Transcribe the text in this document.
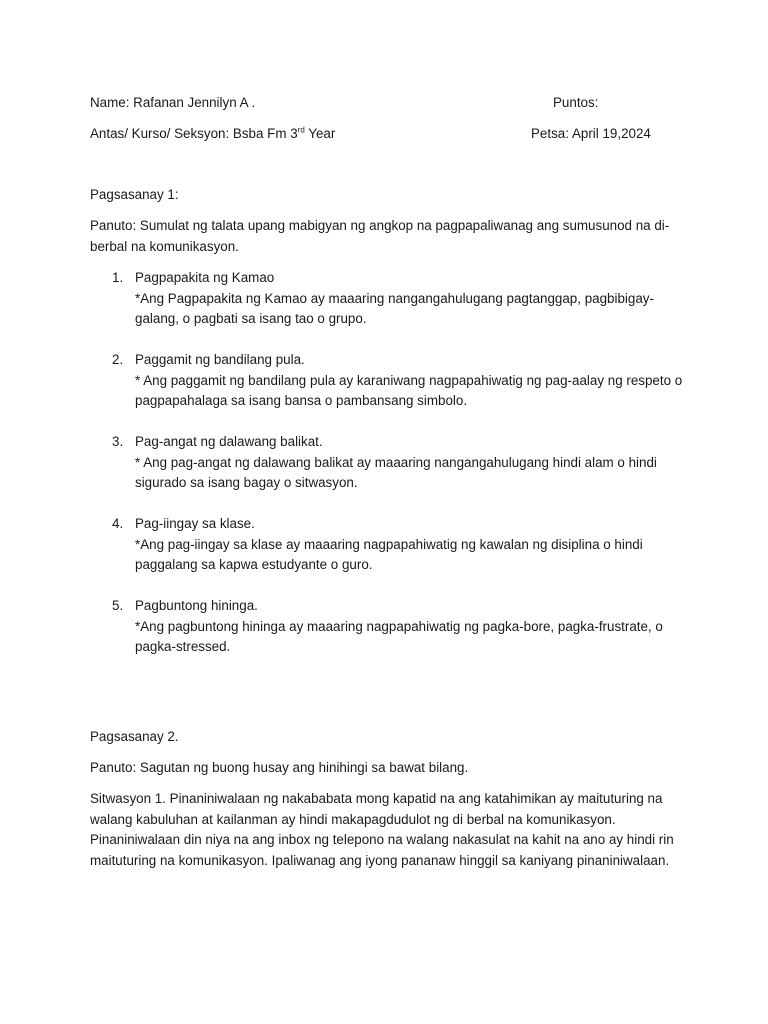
Name: Rafanan Jennilyn A .	Puntos:
Antas/ Kurso/ Seksyon: Bsba Fm 3rd Year	Petsa: April 19,2024
Pagsasanay 1:
Panuto: Sumulat ng talata upang mabigyan ng angkop na pagpapaliwanag ang sumusunod na di- berbal na komunikasyon.
1. Pagpapakita ng Kamao
*Ang Pagpapakita ng Kamao ay maaaring nangangahulugang pagtanggap, pagbibigay-galang, o pagbati sa isang tao o grupo.
2. Paggamit ng bandilang pula.
* Ang paggamit ng bandilang pula ay karaniwang nagpapahiwatig ng pag-aalay ng respeto o pagpapahalaga sa isang bansa o pambansang simbolo.
3. Pag-angat ng dalawang balikat.
* Ang pag-angat ng dalawang balikat ay maaaring nangangahulugang hindi alam o hindi sigurado sa isang bagay o sitwasyon.
4. Pag-iingay sa klase.
*Ang pag-iingay sa klase ay maaaring nagpapahiwatig ng kawalan ng disiplina o hindi paggalang sa kapwa estudyante o guro.
5. Pagbuntong hininga.
*Ang pagbuntong hininga ay maaaring nagpapahiwatig ng pagka-bore, pagka-frustrate, o pagka-stressed.
Pagsasanay 2.
Panuto: Sagutan ng buong husay ang hinihingi sa bawat bilang.
Sitwasyon 1. Pinaniniwalaan ng nakababata mong kapatid na ang katahimikan ay maituturing na walang kabuluhan at kailanman ay hindi makapagdudulot ng di berbal na komunikasyon. Pinaniniwalaan din niya na ang inbox ng telepono na walang nakasulat na kahit na ano ay hindi rin maituturing na komunikasyon. Ipaliwanag ang iyong pananaw hinggil sa kaniyang pinaniniwalaan.
